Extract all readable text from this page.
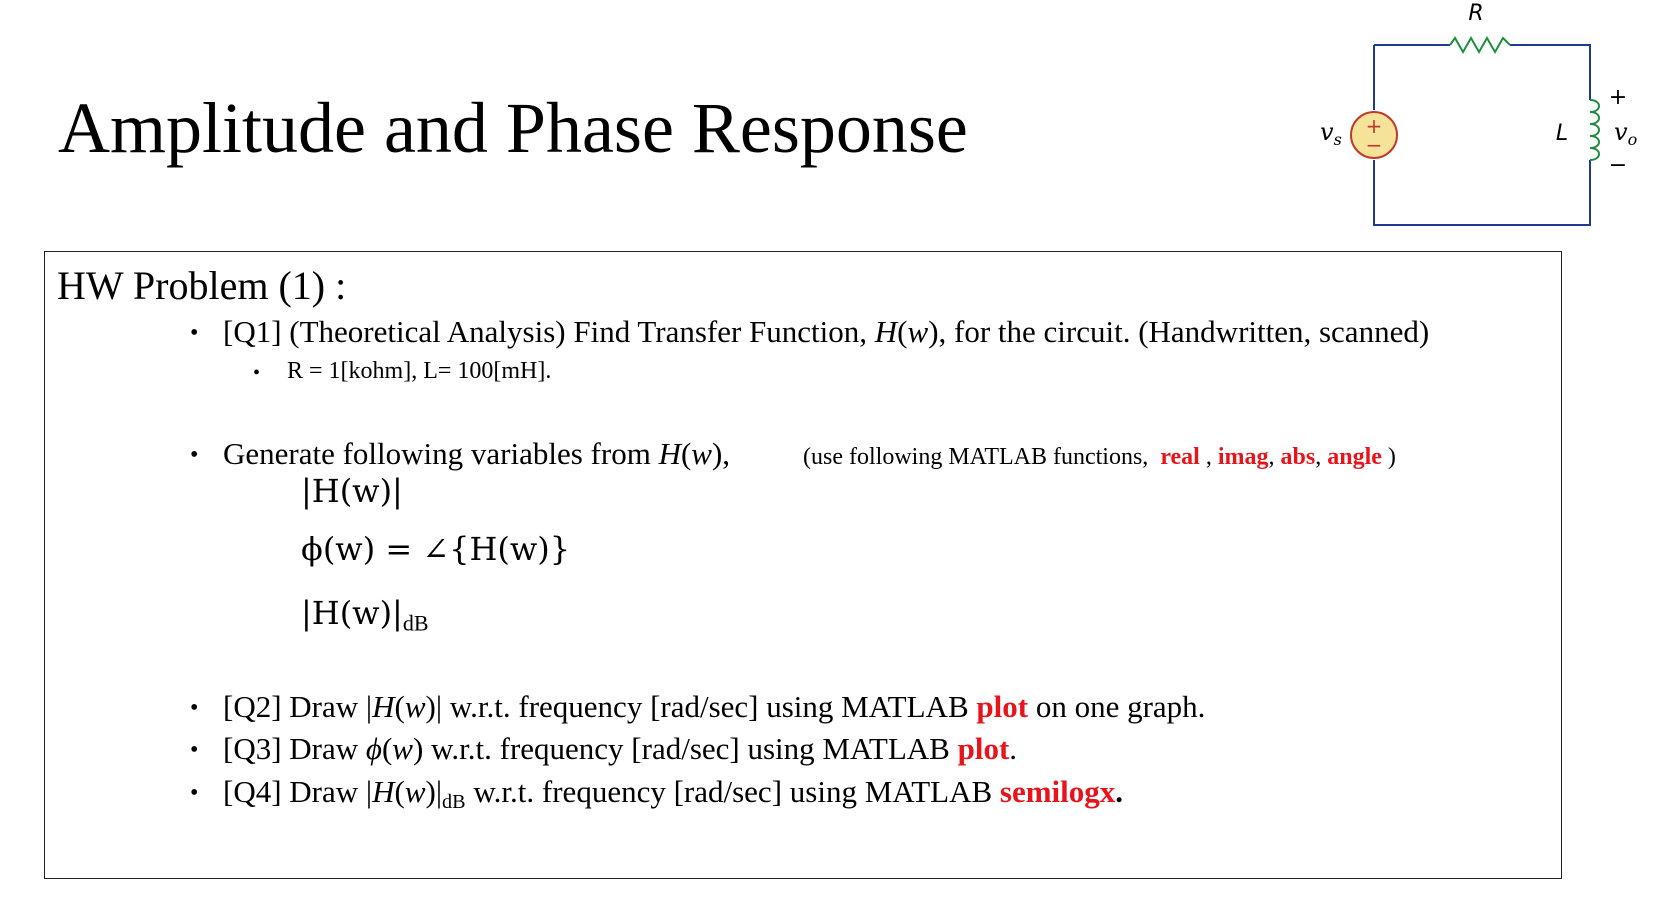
Amplitude and Phase Response
R
L
+
−
$v_o$
+
−
$v_s$
HW Problem (1) :
• [Q1] (Theoretical Analysis) Find Transfer Function, H(w), for the circuit. (Handwritten, scanned)
• R = 1[kohm], L= 100[mH].
• Generate following variables from H(w),	(use following MATLAB functions, real , imag, abs, angle )
|H(w)|
ϕ(w) = ∠{H(w)}
$|H(w)|_{dB}$
• [Q2] Draw |H(w)| w.r.t. frequency [rad/sec] using MATLAB plot on one graph.
• [Q3] Draw ϕ(w) w.r.t. frequency [rad/sec] using MATLAB plot.
• [Q4] Draw $|H(w)|_{dB}$ w.r.t. frequency [rad/sec] using MATLAB semilogx.
